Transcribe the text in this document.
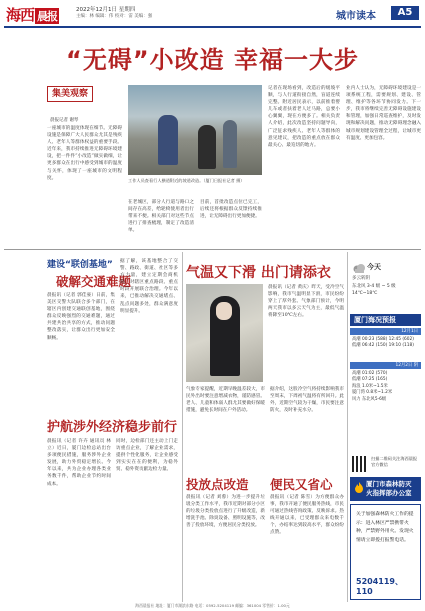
海西 晨报	2022年12月1日 星期四
主编：林 编辑：伟 校对：雷 美编：强	城市读本	A5
“无碍”小改造 幸福一大步
集美观察
晨报记者 谢琴
一座城市的温度体现在细节。无障碍设施是保障广大人民群众尤其是残疾人、老年人等群体权益的重要手段。近年来，我市持续推进无障碍环境建设，把一件件“小改造”做实做细，让更多群众在出行中感受到城市的温度与关怀，体现了一座城市的文明程度。	工作人员查看行人横道附近的坡道改造。（厦门日报社记者 摄）
在老城区，部分人行道与路口之间存在高差，给轮椅使用者出行带来不便。相关部门对这些节点进行了排查梳理，制定了改造清单。
目前，首批改造点位已完工，后续还将根据群众反馈持续推进，让无障碍出行更加便捷。
记者在现场看到，改造后的缓坡平顺，与人行道衔接自然，盲道连续完整。附近居民表示，以前推着婴儿车或者扶着老人过马路，总要小心翼翼，现在方便多了。相关负责人介绍，此次改造坚持问题导向，广泛征求残疾人、老年人等群体的意见建议，把改造的重点放在群众最关心、最迫切的地方。
业内人士认为，无障碍环境建设是一项系统工程，需要规划、建设、管理、维护等各环节协同发力。下一步，我市将继续完善无障碍设施建设和管理，加强日常巡查维护，及时发现和解决问题，推动无障碍理念融入城市规划建设管理全过程，让城市更有温度、更加包容。
建设“联创基地”
破解交通难题
晨报讯（记者 郭佳豪）日前，集美区交警大队联合多个部门，在辖区内创建交通联创基地，围绕群众反映强烈的交通难题，通过共建共治共享的方式，推动问题整改落实，让群众出行更加安全顺畅。
据了解，该基地整合了交警、路政、街道、社区等多方力量，建立定期会商机制，对辖区重点路段、重点时段开展联合治理。今年以来，已推动解决交通堵点、乱点问题多处，群众满意度明显提升。
护航涉外经济稳步前行
晨报讯（记者 许卉 通讯员 林立）近日，厦门边检总站出台多项便民措施，服务涉外企业发展，助力外贸稳定增长。今年以来，共为企业办理各类业务数千件，帮助企业节约时间成本。
同时，边检部门还主动上门走访重点企业，了解企业需求，提供个性化服务，让企业感受到实实在在的便利，为稳外贸、稳外资贡献边检力量。
气温又下滑 出门请添衣
晨报讯（记者 黄庆）昨天，受冷空气影响，我市气温明显下滑，市民纷纷穿上了厚外套。气象部门预计，今明两天我市以多云天气为主，最低气温将降至10℃左右。
气象专家提醒，近期早晚温差较大，市民外出时要注意增减衣物，谨防感冒。老人、儿童和体弱人群尤其要做好保暖措施，避免长时间在户外活动。
据介绍，这股冷空气将持续影响我市至周末，下周初气温将有所回升。此外，近期空气较为干燥，市民要注意防火，及时补充水分。
投放点改造	便民又省心
晨报讯（记者 刘蓉）为进一步提升垃圾分类工作水平，我市近期对部分小区的垃圾分类投放点进行了升级改造，新增洗手池、除臭设备、照明设施等，改善了投放环境，方便居民分类投放。
晨报讯（记者 陈雪）为方便群众办事，我市开通了便民服务热线，市民可通过热线咨询政策、反映诉求。热线开通以来，已受理群众来电数千个，办结率达到较高水平，群众纷纷点赞。
今天
多云转阴
东北风 3-4 级 ~ 5 级
14℃~18℃
厦门海况预报
12月1日
高潮 00:23 (588) 12:45 (602)
低潮 06:42 (150) 19:10 (118)
12月2日 阴
高潮 01:02 (570)
低潮 07:25 (165)
海浪 1.0米~1.5米
厦门湾 0.8米~1.2米
风力 东北风5-6级
扫描二维码关注海西晨报官方微信
厦门市森林防灭火指挥部办公室
关于加强森林防火工作的提示：进入林区严禁携带火种，严禁野外用火。发现火情请立即拨打报警电话。
5204119、110
海西晨报社 地址：厦门市湖滨东路 电话：0592-5204119 邮编：361004 零售价：1.00元
